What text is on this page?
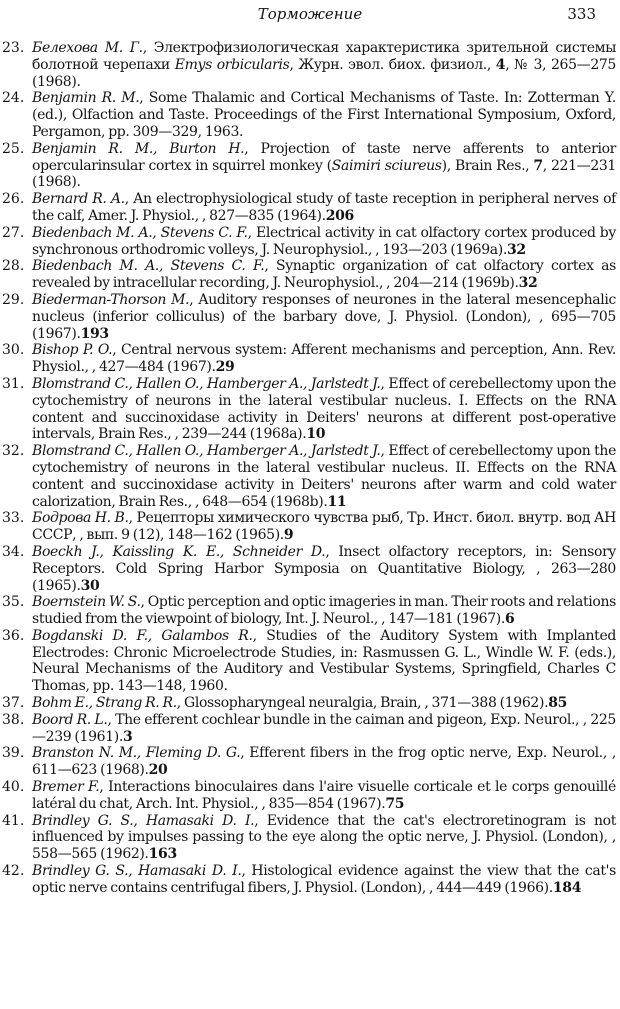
Торможение	333
23. Белехова М. Г., Электрофизиологическая характеристика зрительной системы болотной черепахи Emys orbicularis, Журн. эвол. биох. физиол., 4, № 3, 265—275 (1968).
24. Benjamin R. M., Some Thalamic and Cortical Mechanisms of Taste. In: Zotterman Y. (ed.), Olfaction and Taste. Proceedings of the First International Symposium, Oxford, Pergamon, pp. 309—329, 1963.
25. Benjamin R. M., Burton H., Projection of taste nerve afferents to anterior opercularinsular cortex in squirrel monkey (Saimiri sciureus), Brain Res., 7, 221—231 (1968).
26. Bernard R. A., An electrophysiological study of taste reception in peripheral nerves of the calf, Amer. J. Physiol., , 827—835 (1964).206
27. Biedenbach M. A., Stevens C. F., Electrical activity in cat olfactory cortex produced by synchronous orthodromic volleys, J. Neurophysiol., , 193—203 (1969a).32
28. Biedenbach M. A., Stevens C. F., Synaptic organization of cat olfactory cortex as revealed by intracellular recording, J. Neurophysiol., , 204—214 (1969b).32
29. Biederman-Thorson M., Auditory responses of neurones in the lateral mesencephalic nucleus (inferior colliculus) of the barbary dove, J. Physiol. (London), , 695—705 (1967).193
30. Bishop P. O., Central nervous system: Afferent mechanisms and perception, Ann. Rev. Physiol., , 427—484 (1967).29
31. Blomstrand C., Hallen O., Hamberger A., Jarlstedt J., Effect of cerebellectomy upon the cytochemistry of neurons in the lateral vestibular nucleus. I. Effects on the RNA content and succinoxidase activity in Deiters' neurons at different post-operative intervals, Brain Res., , 239—244 (1968a).10
32. Blomstrand C., Hallen O., Hamberger A., Jarlstedt J., Effect of cerebellectomy upon the cytochemistry of neurons in the lateral vestibular nucleus. II. Effects on the RNA content and succinoxidase activity in Deiters' neurons after warm and cold water calorization, Brain Res., , 648—654 (1968b).11
33. Бодрова Н. В., Рецепторы химического чувства рыб, Тр. Инст. биол. внутр. вод АН СССР, , вып. 9 (12), 148—162 (1965).9
34. Boeckh J., Kaissling K. E., Schneider D., Insect olfactory receptors, in: Sensory Receptors. Cold Spring Harbor Symposia on Quantitative Biology, , 263—280 (1965).30
35. Boernstein W. S., Optic perception and optic imageries in man. Their roots and relations studied from the viewpoint of biology, Int. J. Neurol., , 147—181 (1967).6
36. Bogdanski D. F., Galambos R., Studies of the Auditory System with Implanted Electrodes: Chronic Microelectrode Studies, in: Rasmussen G. L., Windle W. F. (eds.), Neural Mechanisms of the Auditory and Vestibular Systems, Springfield, Charles C Thomas, pp. 143—148, 1960.
37. Bohm E., Strang R. R., Glossopharyngeal neuralgia, Brain, , 371—388 (1962).85
38. Boord R. L., The efferent cochlear bundle in the caiman and pigeon, Exp. Neurol., , 225—239 (1961).3
39. Branston N. M., Fleming D. G., Efferent fibers in the frog optic nerve, Exp. Neurol., , 611—623 (1968).20
40. Bremer F., Interactions binoculaires dans l'aire visuelle corticale et le corps genouillé latéral du chat, Arch. Int. Physiol., , 835—854 (1967).75
41. Brindley G. S., Hamasaki D. I., Evidence that the cat's electroretinogram is not influenced by impulses passing to the eye along the optic nerve, J. Physiol. (London), , 558—565 (1962).163
42. Brindley G. S., Hamasaki D. I., Histological evidence against the view that the cat's optic nerve contains centrifugal fibers, J. Physiol. (London), , 444—449 (1966).184
